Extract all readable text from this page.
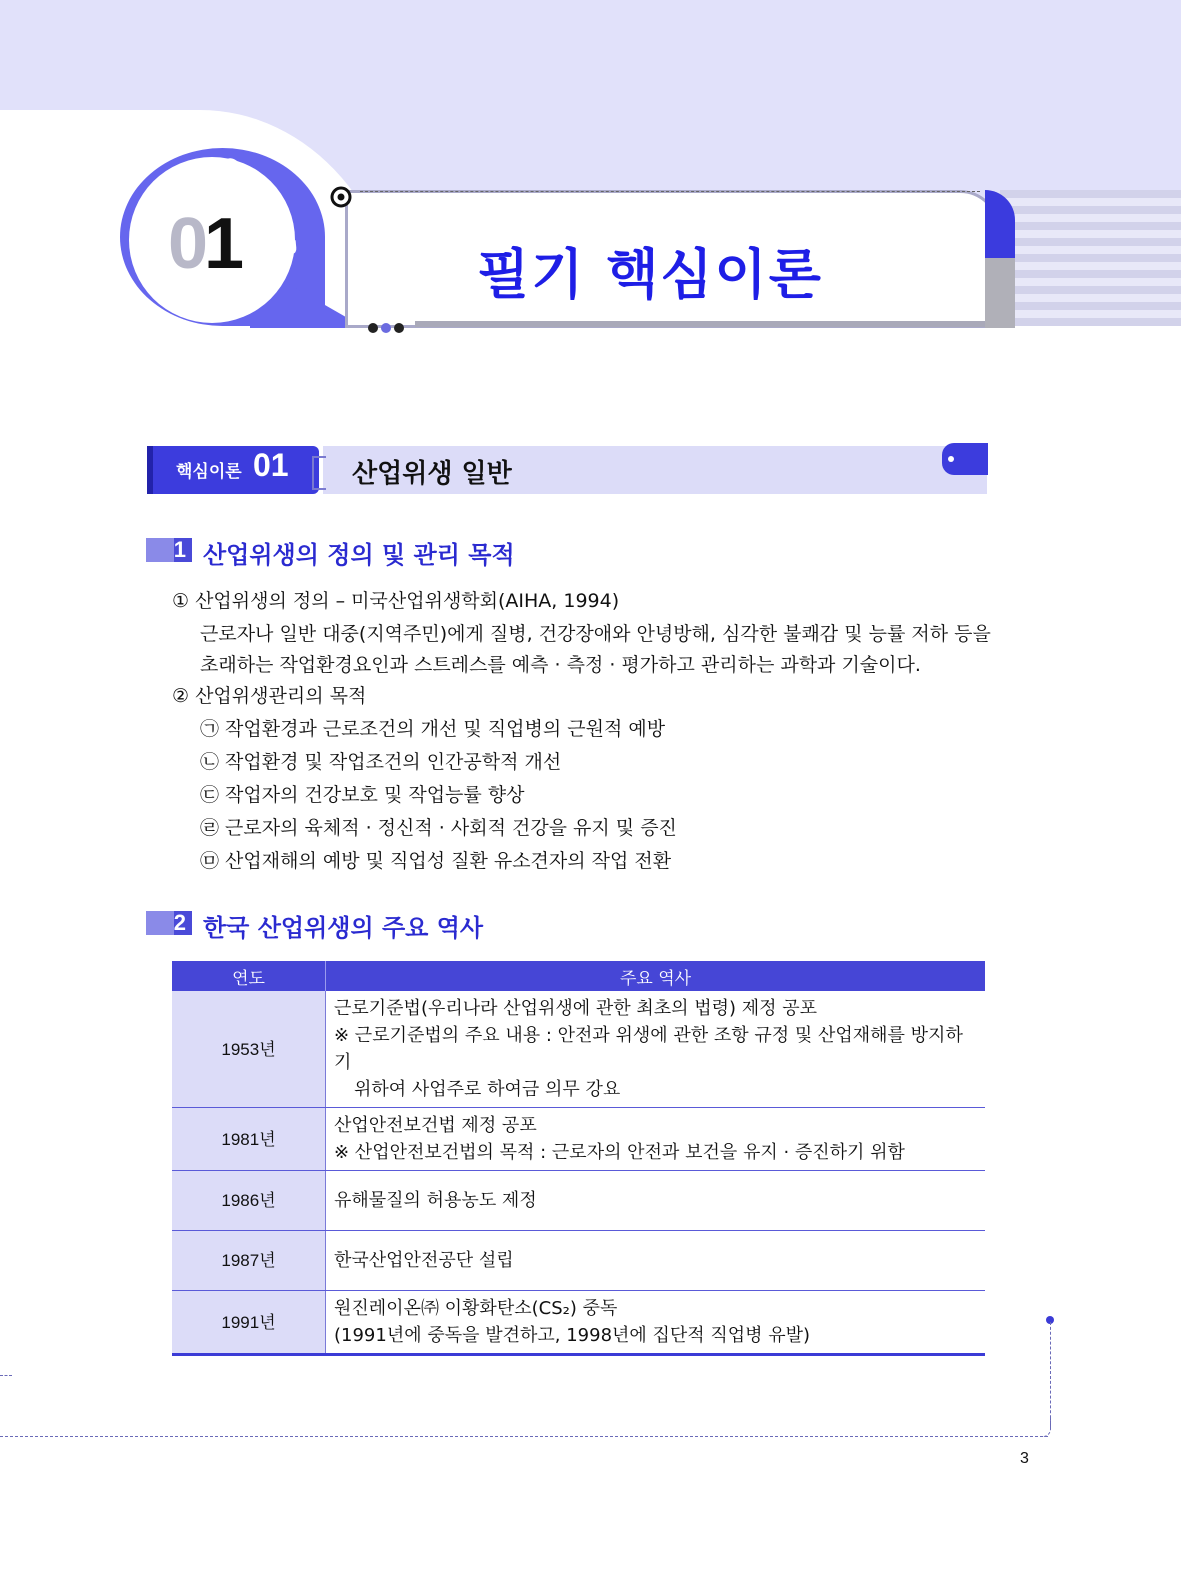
CHAPTER
01	필기 핵심이론
핵심이론 01 산업위생 일반
1 산업위생의 정의 및 관리 목적
① 산업위생의 정의 – 미국산업위생학회(AIHA, 1994)
근로자나 일반 대중(지역주민)에게 질병, 건강장애와 안녕방해, 심각한 불쾌감 및 능률 저하 등을
초래하는 작업환경요인과 스트레스를 예측 · 측정 · 평가하고 관리하는 과학과 기술이다.
② 산업위생관리의 목적
㉠ 작업환경과 근로조건의 개선 및 직업병의 근원적 예방
㉡ 작업환경 및 작업조건의 인간공학적 개선
㉢ 작업자의 건강보호 및 작업능률 향상
㉣ 근로자의 육체적 · 정신적 · 사회적 건강을 유지 및 증진
㉤ 산업재해의 예방 및 직업성 질환 유소견자의 작업 전환
2 한국 산업위생의 주요 역사
연도	주요 역사
1953년	근로기준법(우리나라 산업위생에 관한 최초의 법령) 제정 공포
※ 근로기준법의 주요 내용 : 안전과 위생에 관한 조항 규정 및 산업재해를 방지하기
위하여 사업주로 하여금 의무 강요

1981년	산업안전보건법 제정 공포
※ 산업안전보건법의 목적 : 근로자의 안전과 보건을 유지 · 증진하기 위함

1986년	유해물질의 허용농도 제정

1987년	한국산업안전공단 설립

1991년	원진레이온㈜ 이황화탄소(CS₂) 중독
(1991년에 중독을 발견하고, 1998년에 집단적 직업병 유발)
3
